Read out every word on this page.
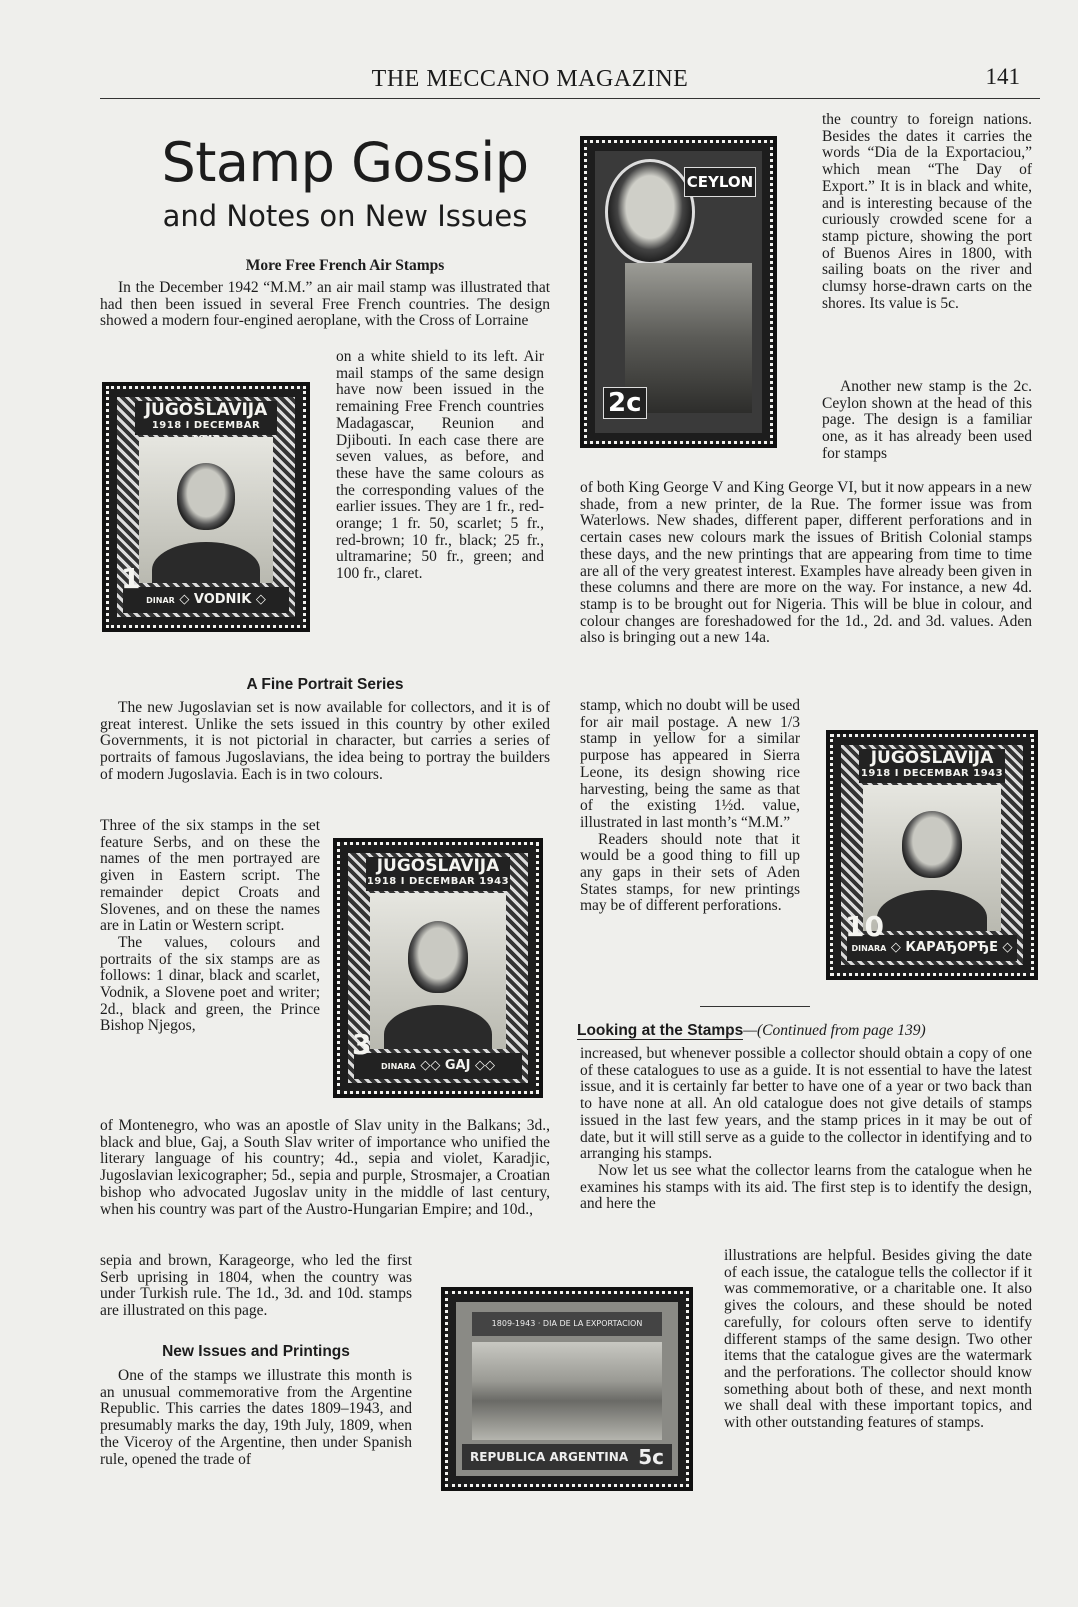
THE MECCANO MAGAZINE	141
Stamp Gossip
and Notes on New Issues
More Free French Air Stamps

In the December 1942 “M.M.” an air mail stamp was illustrated that had then been issued in several Free French countries. The design showed a modern four-engined aeroplane, with the Cross of Lorraine

on a white shield to its left. Air mail stamps of the same design have now been issued in the remaining Free French countries Madagascar, Reunion and Djibouti. In each case there are seven values, as before, and these have the same colours as the corresponding values of the earlier issues. They are 1 fr., red-orange; 1 fr. 50, scarlet; 5 fr., red-brown; 10 fr., black; 25 fr., ultramarine; 50 fr., green; and 100 fr., claret.

JUGOSLAVIJA
1918 I DECEMBAR
DINAR ◇ VODNIK ◇
1
A Fine Portrait Series

The new Jugoslavian set is now available for collectors, and it is of great interest. Unlike the sets issued in this country by other exiled Governments, it is not pictorial in character, but carries a series of portraits of famous Jugoslavians, the idea being to portray the builders of modern Jugoslavia. Each is in two colours.

Three of the six stamps in the set feature Serbs, and on these the names of the men portrayed are given in Eastern script. The remainder depict Croats and Slovenes, and on these the names are in Latin or Western script.

The values, colours and portraits of the six stamps are as follows: 1 dinar, black and scarlet, Vodnik, a Slovene poet and writer; 2d., black and green, the Prince Bishop Njegos,

JUGOSLAVIJA
1918 I DECEMBAR 1943
DINARA ◇◇ GAJ ◇◇
3

of Montenegro, who was an apostle of Slav unity in the Balkans; 3d., black and blue, Gaj, a South Slav writer of importance who unified the literary language of his country; 4d., sepia and violet, Karadjic, Jugoslavian lexicographer; 5d., sepia and purple, Strosmajer, a Croatian bishop who advocated Jugoslav unity in the middle of last century, when his country was part of the Austro-Hungarian Empire; and 10d.,

sepia and brown, Karageorge, who led the first Serb uprising in 1804, when the country was under Turkish rule. The 1d., 3d. and 10d. stamps are illustrated on this page.

New Issues and Printings

One of the stamps we illustrate this month is an unusual commemorative from the Argentine Republic. This carries the dates 1809–1943, and presumably marks the day, 19th July, 1809, when the Viceroy of the Argentine, then under Spanish rule, opened the trade of

1809-1943 · DIA DE LA EXPORTACION
REPUBLICA ARGENTINA 5c
CEYLON
2c

the country to foreign nations. Besides the dates it carries the words “Dia de la Exportaciou,” which mean “The Day of Export.” It is in black and white, and is interesting because of the curiously crowded scene for a stamp picture, showing the port of Buenos Aires in 1800, with sailing boats on the river and clumsy horse-drawn carts on the shores. Its value is 5c.

Another new stamp is the 2c. Ceylon shown at the head of this page. The design is a familiar one, as it has already been used for stamps

of both King George V and King George VI, but it now appears in a new shade, from a new printer, de la Rue. The former issue was from Waterlows. New shades, different paper, different perforations and in certain cases new colours mark the issues of British Colonial stamps these days, and the new printings that are appearing from time to time are all of the very greatest interest. Examples have already been given in these columns and there are more on the way. For instance, a new 4d. stamp is to be brought out for Nigeria. This will be blue in colour, and colour changes are foreshadowed for the 1d., 2d. and 3d. values. Aden also is bringing out a new 14a.

stamp, which no doubt will be used for air mail postage. A new 1/3 stamp in yellow for a similar purpose has appeared in Sierra Leone, its design showing rice harvesting, being the same as that of the existing 1½d. value, illustrated in last month’s “M.M.”

Readers should note that it would be a good thing to fill up any gaps in their sets of Aden States stamps, for new printings may be of different perforations.

JUGOSLAVIJA
1918 I DECEMBAR 1943
DINARA ◇ КАРАЂОРЂЕ ◇
10
Looking at the Stamps—(Continued from page 139)

increased, but whenever possible a collector should obtain a copy of one of these catalogues to use as a guide. It is not essential to have the latest issue, and it is certainly far better to have one of a year or two back than to have none at all. An old catalogue does not give details of stamps issued in the last few years, and the stamp prices in it may be out of date, but it will still serve as a guide to the collector in identifying and to arranging his stamps.

Now let us see what the collector learns from the catalogue when he examines his stamps with its aid. The first step is to identify the design, and here the

illustrations are helpful. Besides giving the date of each issue, the catalogue tells the collector if it was commemorative, or a charitable one. It also gives the colours, and these should be noted carefully, for colours often serve to identify different stamps of the same design. Two other items that the catalogue gives are the watermark and the perforations. The collector should know something about both of these, and next month we shall deal with these important topics, and with other outstanding features of stamps.
